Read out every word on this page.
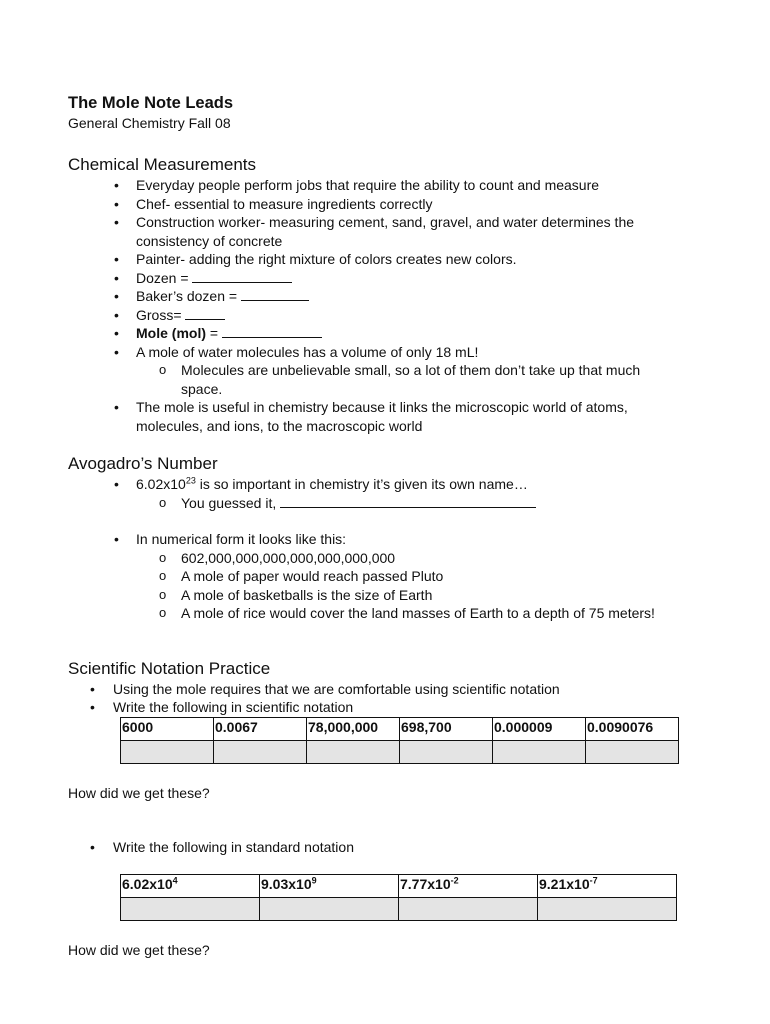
The Mole Note Leads

General Chemistry Fall 08

Chemical Measurements

• Everyday people perform jobs that require the ability to count and measure
• Chef- essential to measure ingredients correctly
• Construction worker- measuring cement, sand, gravel, and water determines the
consistency of concrete
• Painter- adding the right mixture of colors creates new colors.
• Dozen =
• Baker’s dozen =
• Gross=
• Mole (mol) =
• A mole of water molecules has a volume of only 18 mL!
o Molecules are unbelievable small, so a lot of them don’t take up that much
space.
• The mole is useful in chemistry because it links the microscopic world of atoms,
molecules, and ions, to the macroscopic world

Avogadro’s Number

• $6.02x10^{23}$ is so important in chemistry it’s given its own name…
o You guessed it,
• In numerical form it looks like this:
o 602,000,000,000,000,000,000,000
o A mole of paper would reach passed Pluto
o A mole of basketballs is the size of Earth
o A mole of rice would cover the land masses of Earth to a depth of 75 meters!

Scientific Notation Practice

• Using the mole requires that we are comfortable using scientific notation
• Write the following in scientific notation
6000	0.0067	78,000,000	698,700	0.000009	0.0090076

How did we get these?

• Write the following in standard notation
$6.02x10^4$	$9.03x10^9$	$7.77x10^{-2}$	$9.21x10^{-7}$

How did we get these?
